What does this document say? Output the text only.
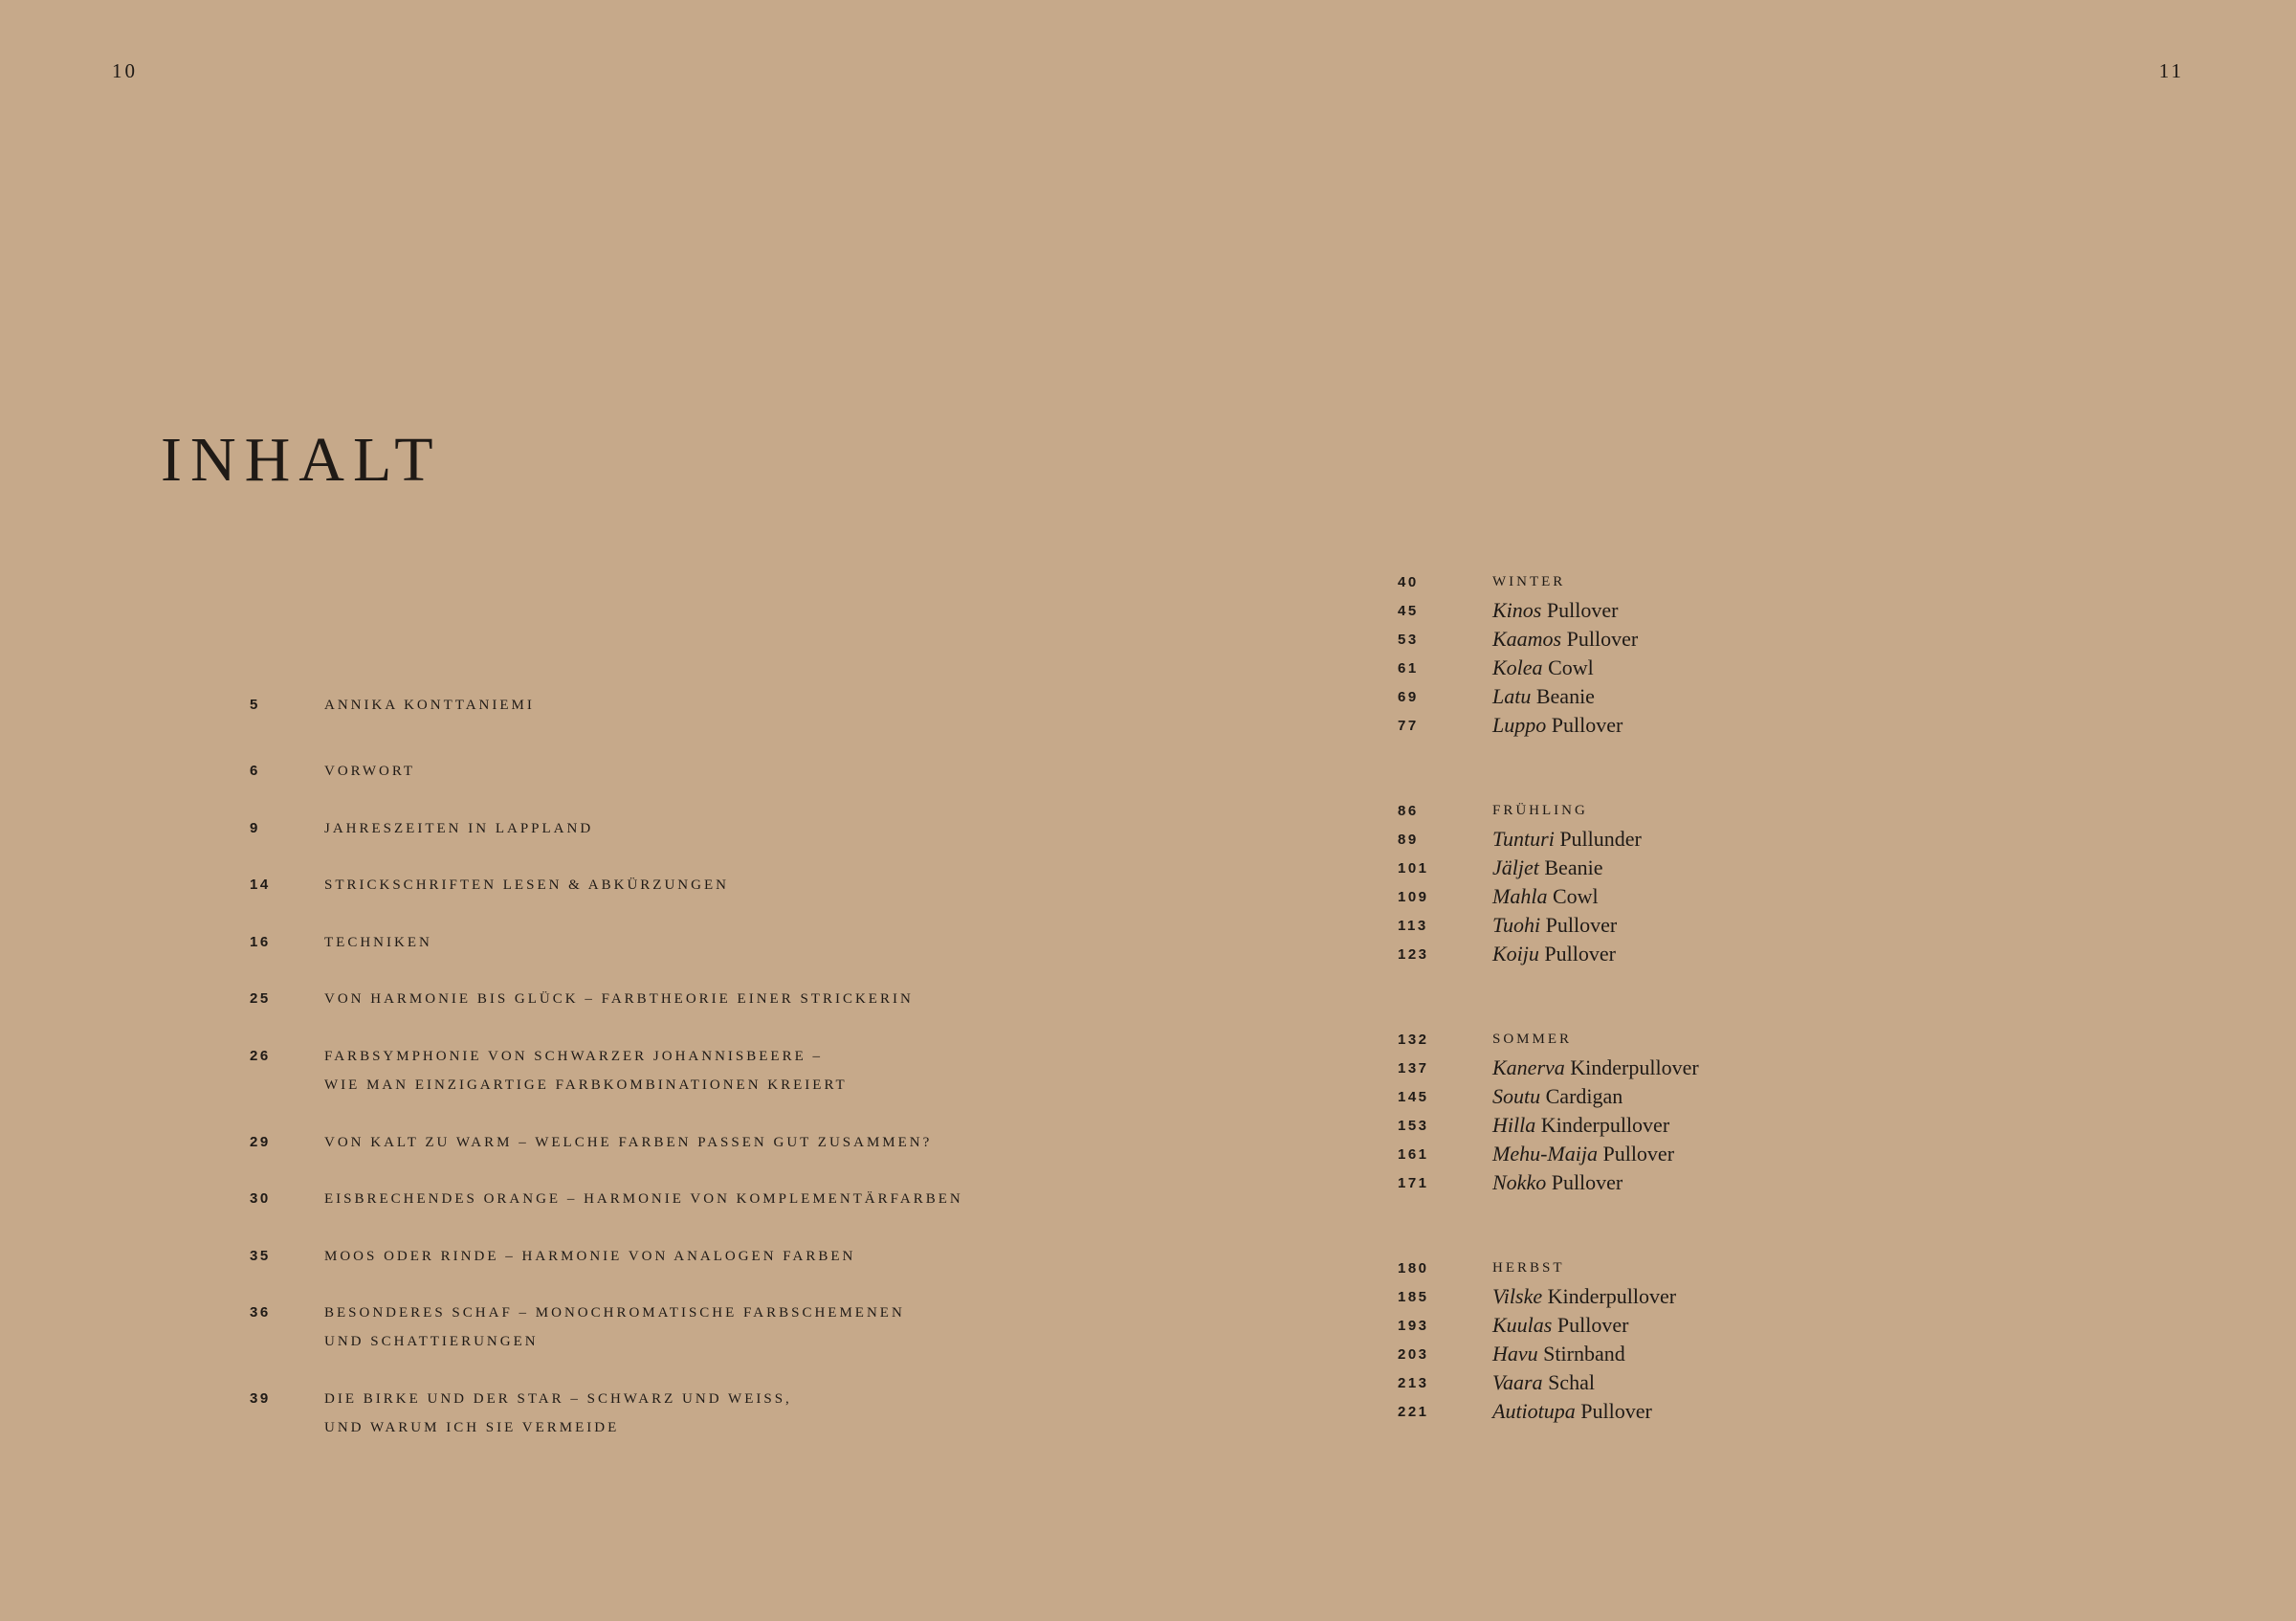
10	11
INHALT
5	ANNIKA KONTTANIEMI
6	VORWORT
9	JAHRESZEITEN IN LAPPLAND
14	STRICKSCHRIFTEN LESEN & ABKÜRZUNGEN
16	TECHNIKEN
25	VON HARMONIE BIS GLÜCK – FARBTHEORIE EINER STRICKERIN
26	FARBSYMPHONIE VON SCHWARZER JOHANNISBEERE –
WIE MAN EINZIGARTIGE FARBKOMBINATIONEN KREIERT
29	VON KALT ZU WARM – WELCHE FARBEN PASSEN GUT ZUSAMMEN?
30	EISBRECHENDES ORANGE – HARMONIE VON KOMPLEMENTÄRFARBEN
35	MOOS ODER RINDE – HARMONIE VON ANALOGEN FARBEN
36	BESONDERES SCHAF – MONOCHROMATISCHE FARBSCHEMENEN
UND SCHATTIERUNGEN
39	DIE BIRKE UND DER STAR – SCHWARZ UND WEISS,
UND WARUM ICH SIE VERMEIDE
40	WINTER
45	Kinos Pullover
53	Kaamos Pullover
61	Kolea Cowl
69	Latu Beanie
77	Luppo Pullover
86	FRÜHLING
89	Tunturi Pullunder
101	Jäljet Beanie
109	Mahla Cowl
113	Tuohi Pullover
123	Koiju Pullover
132	SOMMER
137	Kanerva Kinderpullover
145	Soutu Cardigan
153	Hilla Kinderpullover
161	Mehu-Maija Pullover
171	Nokko Pullover
180	HERBST
185	Vilske Kinderpullover
193	Kuulas Pullover
203	Havu Stirnband
213	Vaara Schal
221	Autiotupa Pullover
